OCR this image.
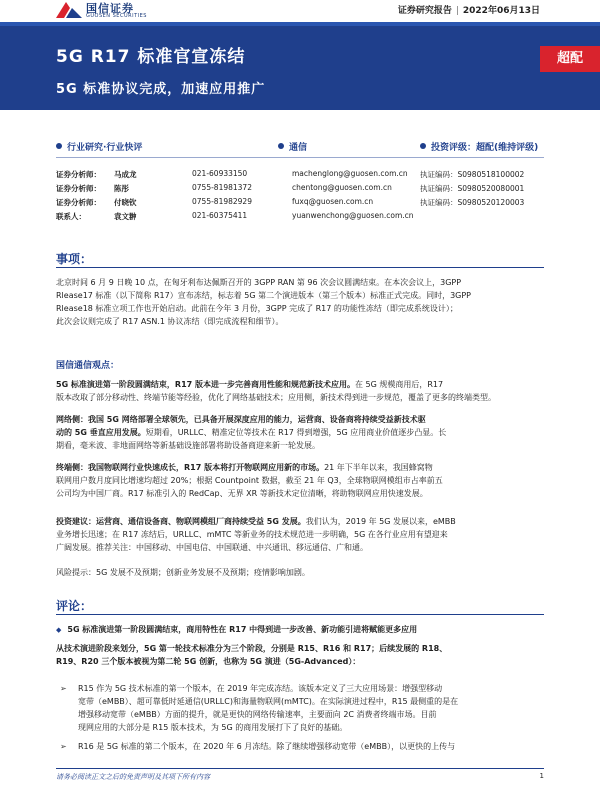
国信证券
GUOSEN SECURITIES	证券研究报告 | 2022年06月13日
5G R17 标准官宣冻结
5G 标准协议完成，加速应用推广
超配
行业研究·行业快评	通信	投资评级：超配(维持评级)
证券分析师： 马成龙	021-60933150	machenglong@guosen.com.cn 执证编码：S0980518100002
证券分析师： 陈彤	0755-81981372	chentong@guosen.com.cn	执证编码：S0980520080001
证券分析师： 付晓钦	0755-81982929	fuxq@guosen.com.cn	执证编码：S0980520120003
联系人：	袁文翀	021-60375411	yuanwenchong@guosen.com.cn
事项：
北京时间 6 月 9 日晚 10 点，在匈牙利布达佩斯召开的 3GPP RAN 第 96 次会议圆满结束。在本次会议上，3GPP
Rlease17 标准（以下简称 R17）宣布冻结，标志着 5G 第二个演进版本（第三个版本）标准正式完成。同时，3GPP
Rlease18 标准立项工作也开始启动。此前在今年 3 月份，3GPP 完成了 R17 的功能性冻结（即完成系统设计）；
此次会议则完成了 R17 ASN.1 协议冻结（即完成流程和细节）。
国信通信观点：
5G 标准演进第一阶段圆满结束，R17 版本进一步完善商用性能和规范新技术应用。在 5G 规模商用后，R17
版本改取了部分移动性、终端节能等经验，优化了网络基础技术；应用侧，新技术得到进一步规范，覆盖了更多的终端类型。
网络侧：我国 5G 网络部署全球领先，已具备开展深度应用的能力，运营商、设备商将持续受益新技术驱
动的 5G 垂直应用发展。短期看，URLLC、精准定位等技术在 R17 得到增强，5G 应用商业价值逐步凸显。长
期看，毫米波、非地面网络等新基础设施部署将助设备商迎来新一轮发展。
终端侧：我国物联网行业快速成长，R17 版本将打开物联网应用新的市场。21 年下半年以来，我国蜂窝物
联网用户数月度同比增速均超过 20%；根据 Countpoint 数据，截至 21 年 Q3，全球物联网模组市占率前五
公司均为中国厂商。R17 标准引入的 RedCap、无界 XR 等新技术定位清晰，将助物联网应用快速发展。
投资建议：运营商、通信设备商、物联网模组厂商持续受益 5G 发展。我们认为，2019 年 5G 发展以来，eMBB
业务增长迅速；在 R17 冻结后，URLLC、mMTC 等新业务的技术规范进一步明确，5G 在各行业应用有望迎来
广阔发展。推荐关注：中国移动、中国电信、中国联通、中兴通讯、移远通信、广和通。
风险提示：5G 发展不及预期；创新业务发展不及预期；疫情影响加剧。
评论：
◆ 5G 标准演进第一阶段圆满结束，商用特性在 R17 中得到进一步改善、新功能引进将赋能更多应用
从技术演进阶段来划分，5G 第一轮技术标准分为三个阶段，分别是 R15、R16 和 R17；后续发展的 R18、
R19、R20 三个版本被视为第二轮 5G 创新，也称为 5G 演进（5G-Advanced）：
➢ R15 作为 5G 技术标准的第一个版本，在 2019 年完成冻结。该版本定义了三大应用场景：增强型移动
宽带（eMBB）、超可靠低时延通信(URLLC)和海量物联网(mMTC)。在实际演进过程中，R15 最侧重的是在
增强移动宽带（eMBB）方面的提升，就是更快的网络传输速率，主要面向 2C 消费者终端市场。目前
现网应用的大部分是 R15 版本技术，为 5G 的商用发展打下了良好的基础。
➢ R16 是 5G 标准的第二个版本，在 2020 年 6 月冻结。除了继续增强移动宽带（eMBB），以更快的上传与
请务必阅读正文之后的免责声明及其项下所有内容	1
